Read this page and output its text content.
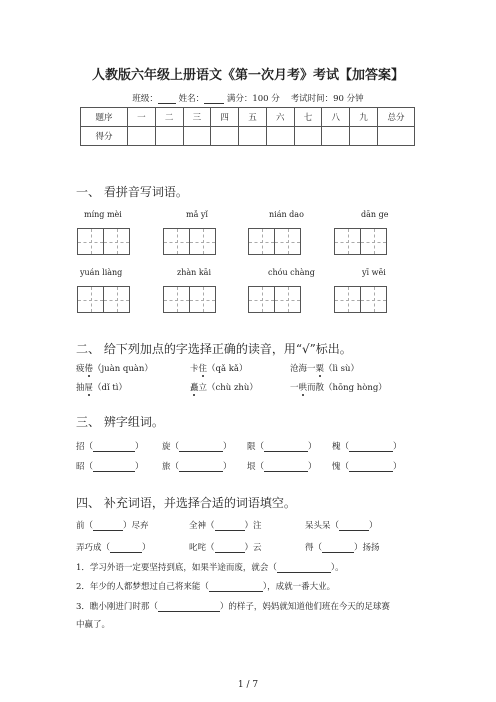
人教版六年级上册语文《第一次月考》考试【加答案】
班级： 姓名：	满分：100 分 考试时间：90 分钟
题序	一	二	三	四	五	六	七	八	九	总分
得分										
一、 看拼音写词语。
míng mèi	mǎ yǐ	nián dao	dān ge
yuán liàng	zhàn kāi	chóu chàng	yī wēi
二、 给下列加点的字选择正确的读音，用“√”标出。
疲倦（juàn quàn）	卡住（qǎ kǎ）	沧海一粟（lì sù）
抽屉（dǐ tì）	矗立（chù zhù）	一哄而散（hōng hòng）
三、 辨字组词。
招（	） 旋（	） 限（	） 槐（	）
昭（	） 旅（	） 垠（	） 愧（	）
四、 补充词语，并选择合适的词语填空。
前（	）尽弃	全神（	）注	呆头呆（	）
弄巧成（	）	叱咤（	）云	得（	）扬扬
1．学习外语一定要坚持到底，如果半途而废，就会（	）。
2．年少的人都梦想过自己将来能（	），成就一番大业。
3．瞧小刚进门时那（	）的样子，妈妈就知道他们班在今天的足球赛
中赢了。
1 / 7
